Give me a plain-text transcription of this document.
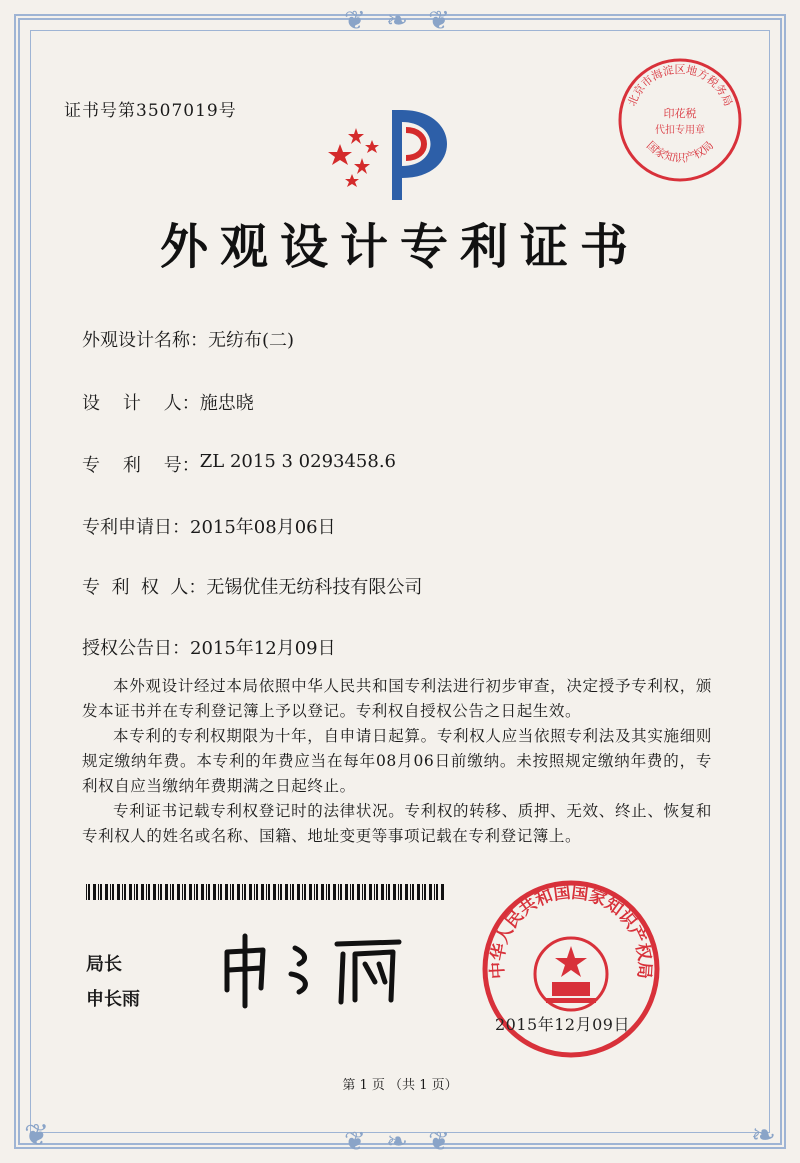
❦ ❧ ❦
❦ ❧ ❦
❦	❧
证书号第3507019号
北京市海淀区地方税务局
印花税
代扣专用章
国家知识产权局
外观设计专利证书
外观设计名称： 无纺布(二)
设    计    人： 施忠晓
专    利    号： ZL 2015 3 0293458.6
专利申请日： 2015年08月06日
专  利  权  人： 无锡优佳无纺科技有限公司
授权公告日： 2015年12月09日

本外观设计经过本局依照中华人民共和国专利法进行初步审查，决定授予专利权，颁发本证书并在专利登记簿上予以登记。专利权自授权公告之日起生效。

本专利的专利权期限为十年，自申请日起算。专利权人应当依照专利法及其实施细则规定缴纳年费。本专利的年费应当在每年08月06日前缴纳。未按照规定缴纳年费的，专利权自应当缴纳年费期满之日起终止。

专利证书记载专利权登记时的法律状况。专利权的转移、质押、无效、终止、恢复和专利权人的姓名或名称、国籍、地址变更等事项记载在专利登记簿上。

局长
申长雨
中华人民共和国国家知识产权局
2015年12月09日
第 1 页 （共 1 页）
